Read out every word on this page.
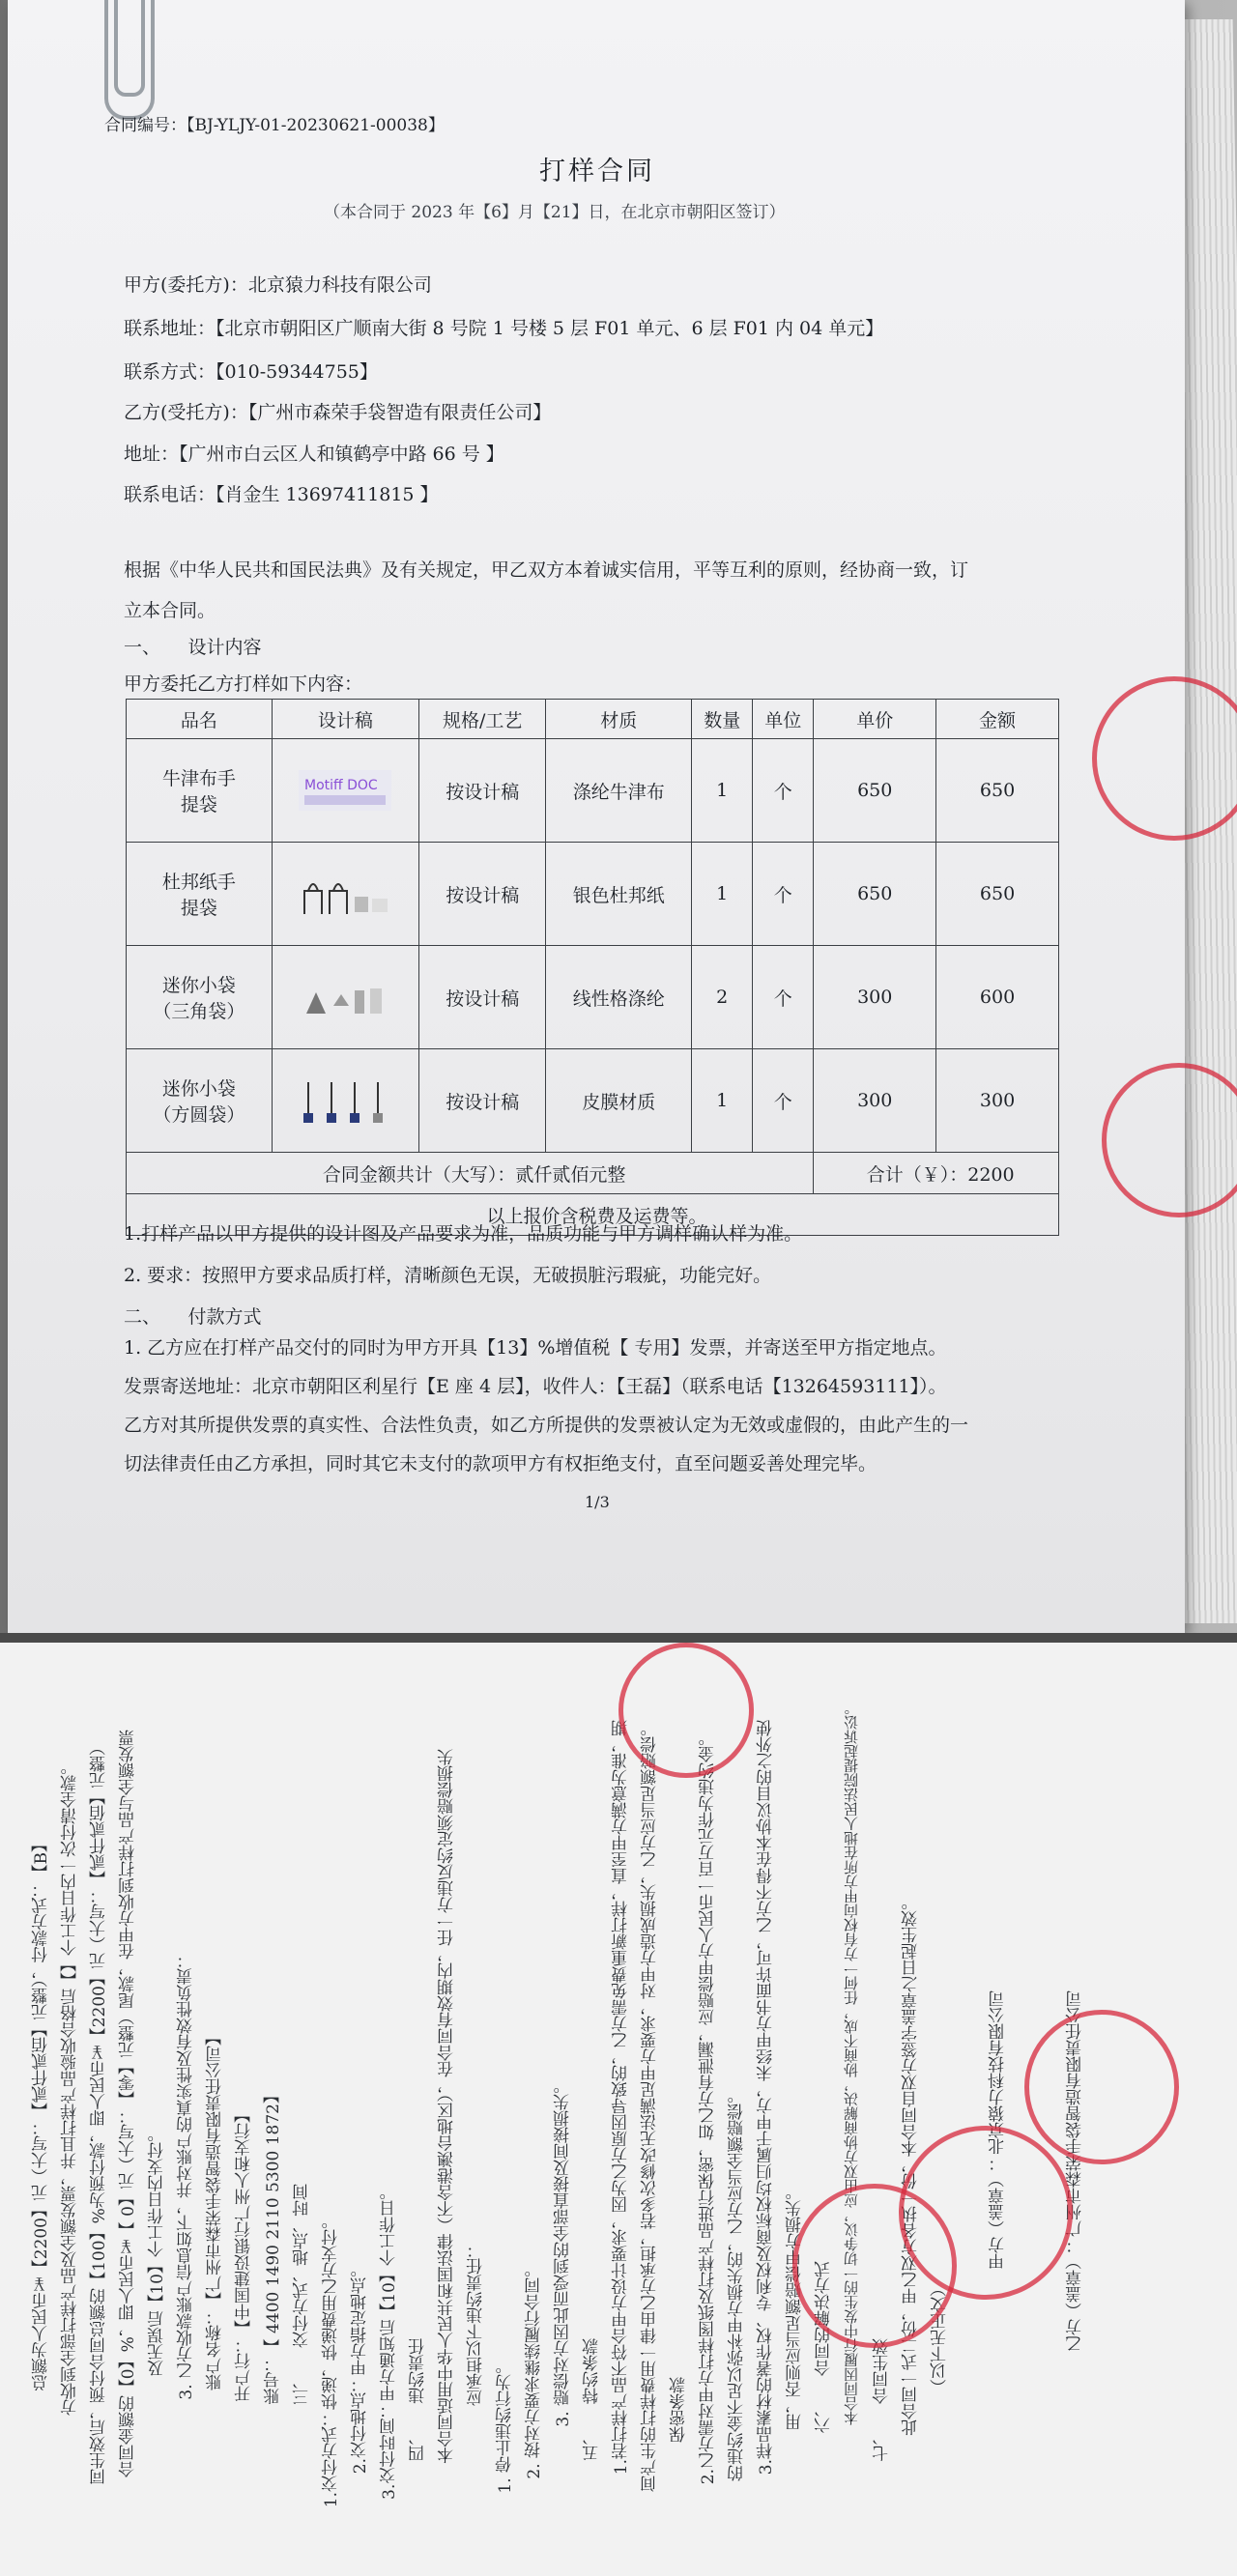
合同编号：【BJ-YLJY-01-20230621-00038】
打样合同
（本合同于 2023 年【6】月【21】日，在北京市朝阳区签订）
甲方(委托方)：北京猿力科技有限公司
联系地址：【北京市朝阳区广顺南大街 8 号院 1 号楼 5 层 F01 单元、6 层 F01 内 04 单元】
联系方式：【010-59344755】
乙方(受托方)：【广州市森荣手袋智造有限责任公司】
地址：【广州市白云区人和镇鹤亭中路 66 号 】
联系电话：【肖金生 13697411815 】
根据《中华人民共和国民法典》及有关规定，甲乙双方本着诚实信用，平等互利的原则，经协商一致，订
立本合同。
一、　　设计内容
甲方委托乙方打样如下内容：
品名	设计稿	规格/工艺	材质	数量	单位	单价	金额
牛津布手
提袋	Motiff DOC	按设计稿	涤纶牛津布	1	个	650	650
杜邦纸手
提袋		按设计稿	银色杜邦纸	1	个	650	650
迷你小袋
（三角袋）		按设计稿	线性格涤纶	2	个	300	600
迷你小袋
（方圆袋）		按设计稿	皮膜材质	1	个	300	300
合同金额共计（大写）：贰仟贰佰元整						合计（￥）：2200	
以上报价含税费及运费等。							
1.打样产品以甲方提供的设计图及产品要求为准，品质功能与甲方调样确认样为准。
2. 要求：按照甲方要求品质打样，清晰颜色无误，无破损脏污瑕疵，功能完好。
二、　　付款方式
1. 乙方应在打样产品交付的同时为甲方开具【13】%增值税【 专用】发票，并寄送至甲方指定地点。
发票寄送地址：北京市朝阳区利星行【E 座 4 层】，收件人：【王磊】（联系电话【13264593111】）。
乙方对其所提供发票的真实性、合法性负责，如乙方所提供的发票被认定为无效或虚假的，由此产生的一
切法律责任由乙方承担，同时其它未支付的款项甲方有权拒绝支付，直至问题妥善处理完毕。
1/3
总额为人民币￥【2200】元（大写：【贰仟贰佰】元整），付款方式：【B】 方收到全部打样产品及全额发票，并且打样产品验收合格后【】个工作日内一次付清全款。 同生效后，预付合同总额的【100】%为预付款，即人民币￥【2200】元（大写：【贰仟贰佰】元整） 合同金额的【0】%，即人民币￥【 0】元（大写：【零】元整）尾款，在甲方收到打样产品与全额发票 及无误后【10】个工作日内支付。 3. 乙方收款账户信息如下，并对账户的真实性及有效性负责： 账户名称：【广州市森荣手袋智造有限责任公司】 开户行：【中国建设银行广州人和支行】 账号：【 4400 1490 2110 5300 1872】 三、　　交付方式、地点、时间 1.交付方式：快递，快递费用乙方支付。 2.交付地点：甲方指定地点。 3.交付时间：甲方通知后【10】个工作日。 四、　　违约责任 本合同适用中华人民共和国法律（不含港澳台地区），在合同有效期内，任一方违反约定须赔偿损失 应承担以下违约责任：
1. 停止违约行为。 2. 按对方要求继续履行合同。 3. 赔偿对方因此而受到的全部直接及间接损失。 五、　　特约条款 1.若打样产品不符合甲方设计要求，因为乙方原因导致的，乙方需免费重新打样，直至甲方满意为准，期 间产生的打样费用一律由乙方承担，若多次修改无法满足甲方要求，对甲方造成损失，乙方应当足额赔偿。 保密条款 2.乙方需对甲方打样图纸及打样产品进行保密，如乙方有泄漏，应赔偿甲方人民币一百万元作为违约金。 的违约金不足以弥补甲方损失的，乙方应当全额赔偿。 3.样品素材的著作权、专利权及商标权均归属于甲方，未经甲方书面许可，乙方不得在本协议目的之外使 用，否则应当足额赔偿甲方损失。 六、　　合同的解决方式 本合同因履行中发生的一切争议，应由双方协商解决，协商不成，任何一方有权向甲方所在地人民法院提起诉讼。 七、　　合同生效 此合同一式二份，甲乙双方各执一份，本合同自双方签字盖章之日起生效。 （以下无正文）
甲方（盖章）：北京猿力科技有限公司	乙方（盖章）：广州市森荣手袋智造有限责任公司
